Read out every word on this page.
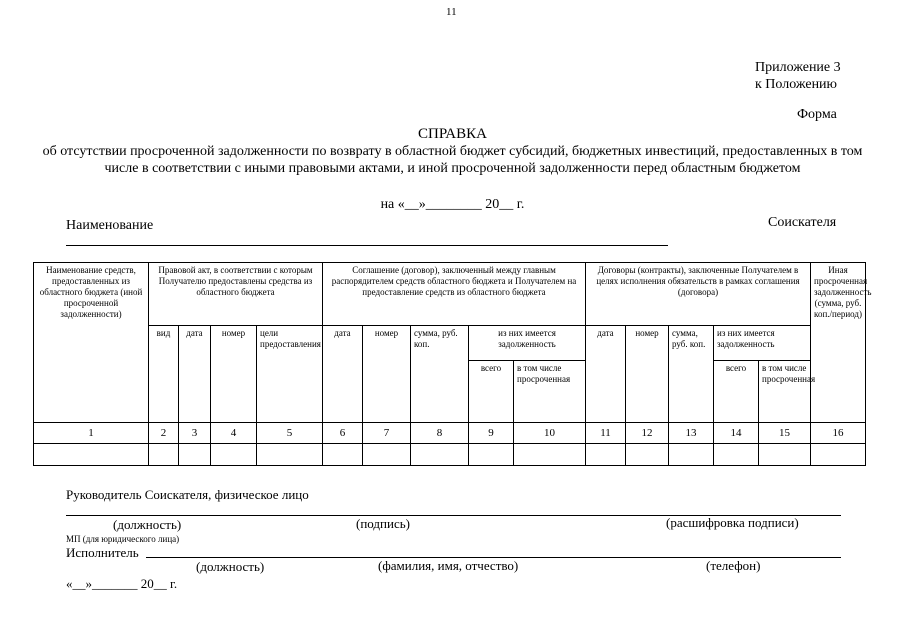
11
Приложение 3
к Положению
Форма
СПРАВКА
об отсутствии просроченной задолженности по возврату в областной бюджет субсидий, бюджетных инвестиций, предоставленных в том числе в соответствии с иными правовыми актами, и иной просроченной задолженности перед областным бюджетом
на «__»________ 20__ г.
Наименование	Соискателя
Наименование средств, предоставленных из областного бюджета (иной просроченной задолженности)	Правовой акт, в соответствии с которым Получателю предоставлены средства из областного бюджета				Соглашение (договор), заключенный между главным распорядителем средств областного бюджета и Получателем на предоставление средств из областного бюджета					Договоры (контракты), заключенные Получателем в целях исполнения обязательств в рамках соглашения (договора)					Иная просроченная задолженность (сумма, руб. коп./период)
	вид	дата	номер	цели предоставления	дата	номер	сумма, руб. коп.	из них имеется задолженность		дата	номер	сумма, руб. коп.	из них имеется задолженность		
								всего	в том числе просроченная				всего	в том числе просроченная	
1	2	3	4	5	6	7	8	9	10	11	12	13	14	15	16

Руководитель Соискателя, физическое лицо
(должность)	(подпись)	(расшифровка подписи)
МП (для юридического лица)
Исполнитель
(должность)	(фамилия, имя, отчество)	(телефон)
«__»_______ 20__ г.
